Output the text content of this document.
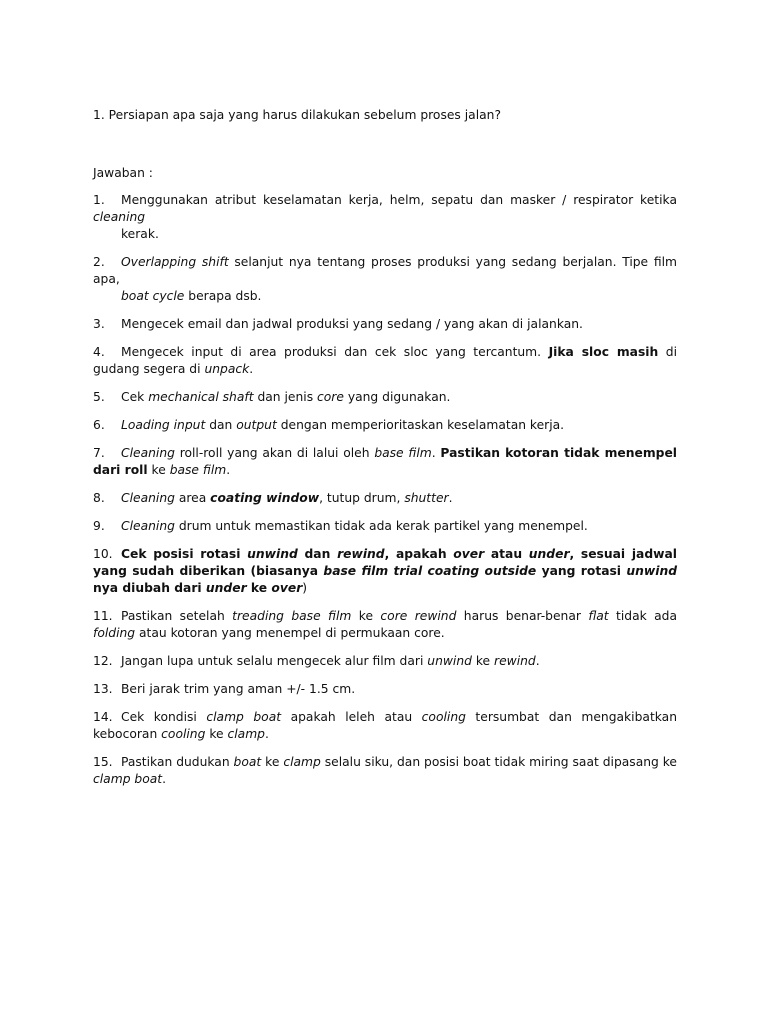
1. Persiapan apa saja yang harus dilakukan sebelum proses jalan?
Jawaban :
1. Menggunakan atribut keselamatan kerja, helm, sepatu dan masker / respirator ketika cleaning
kerak.
2. Overlapping shift selanjut nya tentang proses produksi yang sedang berjalan. Tipe film apa,
boat cycle berapa dsb.
3. Mengecek email dan jadwal produksi yang sedang / yang akan di jalankan.
4. Mengecek input di area produksi dan cek sloc yang tercantum. Jika sloc masih di gudang segera di unpack.
5. Cek mechanical shaft dan jenis core yang digunakan.
6. Loading input dan output dengan memperioritaskan keselamatan kerja.
7. Cleaning roll-roll yang akan di lalui oleh base film. Pastikan kotoran tidak menempel dari roll ke base film.
8. Cleaning area coating window, tutup drum, shutter.
9. Cleaning drum untuk memastikan tidak ada kerak partikel yang menempel.
10. Cek posisi rotasi unwind dan rewind, apakah over atau under, sesuai jadwal yang sudah diberikan (biasanya base film trial coating outside yang rotasi unwind nya diubah dari under ke over)
11. Pastikan setelah treading base film ke core rewind harus benar-benar flat tidak ada folding atau kotoran yang menempel di permukaan core.
12. Jangan lupa untuk selalu mengecek alur film dari unwind ke rewind.
13. Beri jarak trim yang aman +/- 1.5 cm.
14. Cek kondisi clamp boat apakah leleh atau cooling tersumbat dan mengakibatkan kebocoran cooling ke clamp.
15. Pastikan dudukan boat ke clamp selalu siku, dan posisi boat tidak miring saat dipasang ke clamp boat.
